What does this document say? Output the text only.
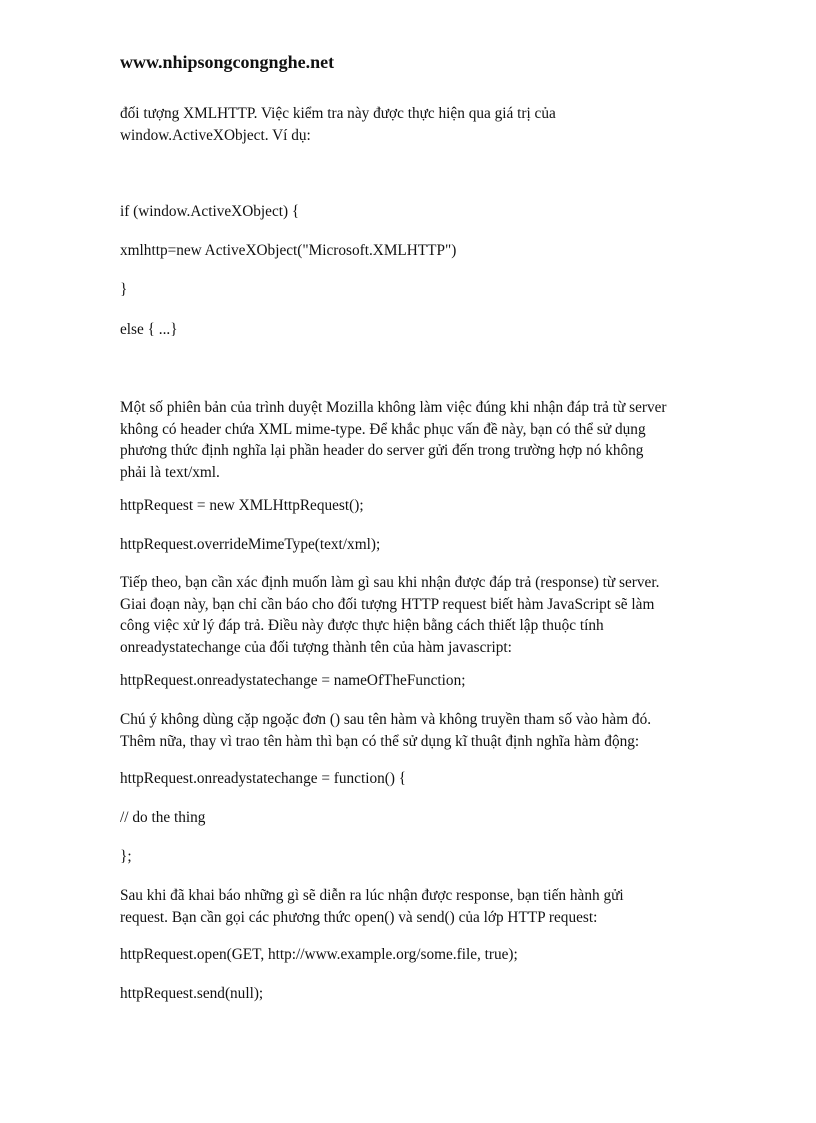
www.nhipsongcongnghe.net
đối tượng XMLHTTP. Việc kiểm tra này được thực hiện qua giá trị của
window.ActiveXObject. Ví dụ:
if (window.ActiveXObject) {
xmlhttp=new ActiveXObject("Microsoft.XMLHTTP")
}
else { ...}
Một số phiên bản của trình duyệt Mozilla không làm việc đúng khi nhận đáp trả từ server
không có header chứa XML mime-type. Để khắc phục vấn đề này, bạn có thể sử dụng
phương thức định nghĩa lại phần header do server gửi đến trong trường hợp nó không
phải là text/xml.
httpRequest = new XMLHttpRequest();
httpRequest.overrideMimeType(text/xml);
Tiếp theo, bạn cần xác định muốn làm gì sau khi nhận được đáp trả (response) từ server.
Giai đoạn này, bạn chỉ cần báo cho đối tượng HTTP request biết hàm JavaScript sẽ làm
công việc xử lý đáp trả. Điều này được thực hiện bằng cách thiết lập thuộc tính
onreadystatechange của đối tượng thành tên của hàm javascript:
httpRequest.onreadystatechange = nameOfTheFunction;
Chú ý không dùng cặp ngoặc đơn () sau tên hàm và không truyền tham số vào hàm đó.
Thêm nữa, thay vì trao tên hàm thì bạn có thể sử dụng kĩ thuật định nghĩa hàm động:
httpRequest.onreadystatechange = function() {
// do the thing
};
Sau khi đã khai báo những gì sẽ diễn ra lúc nhận được response, bạn tiến hành gửi
request. Bạn cần gọi các phương thức open() và send() của lớp HTTP request:
httpRequest.open(GET, http://www.example.org/some.file, true);
httpRequest.send(null);
